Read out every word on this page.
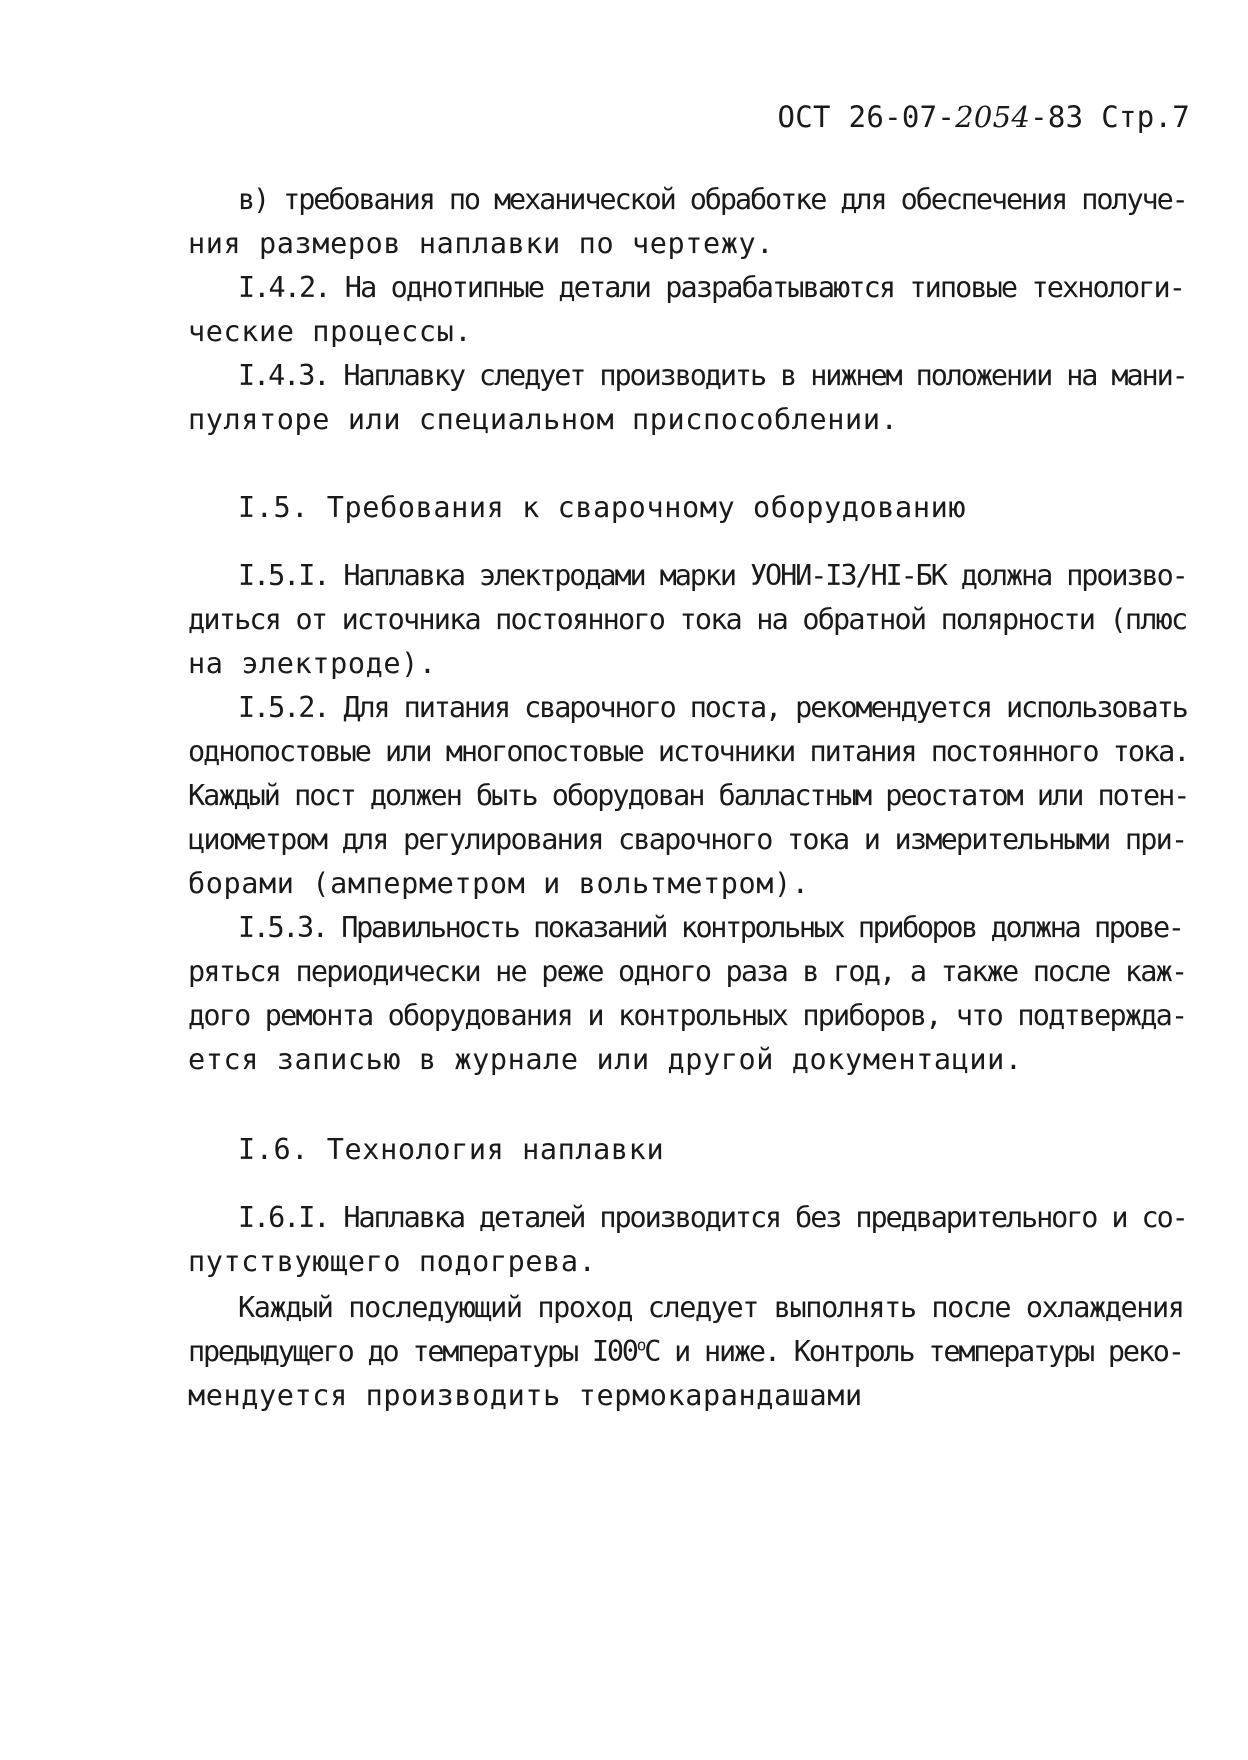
ОСТ 26-07-2054-83 Стр.7
в) требования по механической обработке для обеспечения получе-
ния размеров наплавки по чертежу.
I.4.2. На однотипные детали разрабатываются типовые технологи-
ческие процессы.
I.4.3. Наплавку следует производить в нижнем положении на мани-
пуляторе или специальном приспособлении.
I.5. Требования к сварочному оборудованию
I.5.I. Наплавка электродами марки УОНИ-I3/HI-БК должна произво-
диться от источника постоянного тока на обратной полярности (плюс
на электроде).
I.5.2. Для питания сварочного поста, рекомендуется использовать
однопостовые или многопостовые источники питания постоянного тока.
Каждый пост должен быть оборудован балластным реостатом или потен-
циометром для регулирования сварочного тока и измерительными при-
борами (амперметром и вольтметром).
I.5.3. Правильность показаний контрольных приборов должна прове-
ряться периодически не реже одного раза в год, а также после каж-
дого ремонта оборудования и контрольных приборов, что подтвержда-
ется записью в журнале или другой документации.
I.6. Технология наплавки
I.6.I. Наплавка деталей производится без предварительного и со-
путствующего подогрева.
Каждый последующий проход следует выполнять после охлаждения
предыдущего до температуры $I00^оС$ и ниже. Контроль температуры реко-
мендуется производить термокарандашами
